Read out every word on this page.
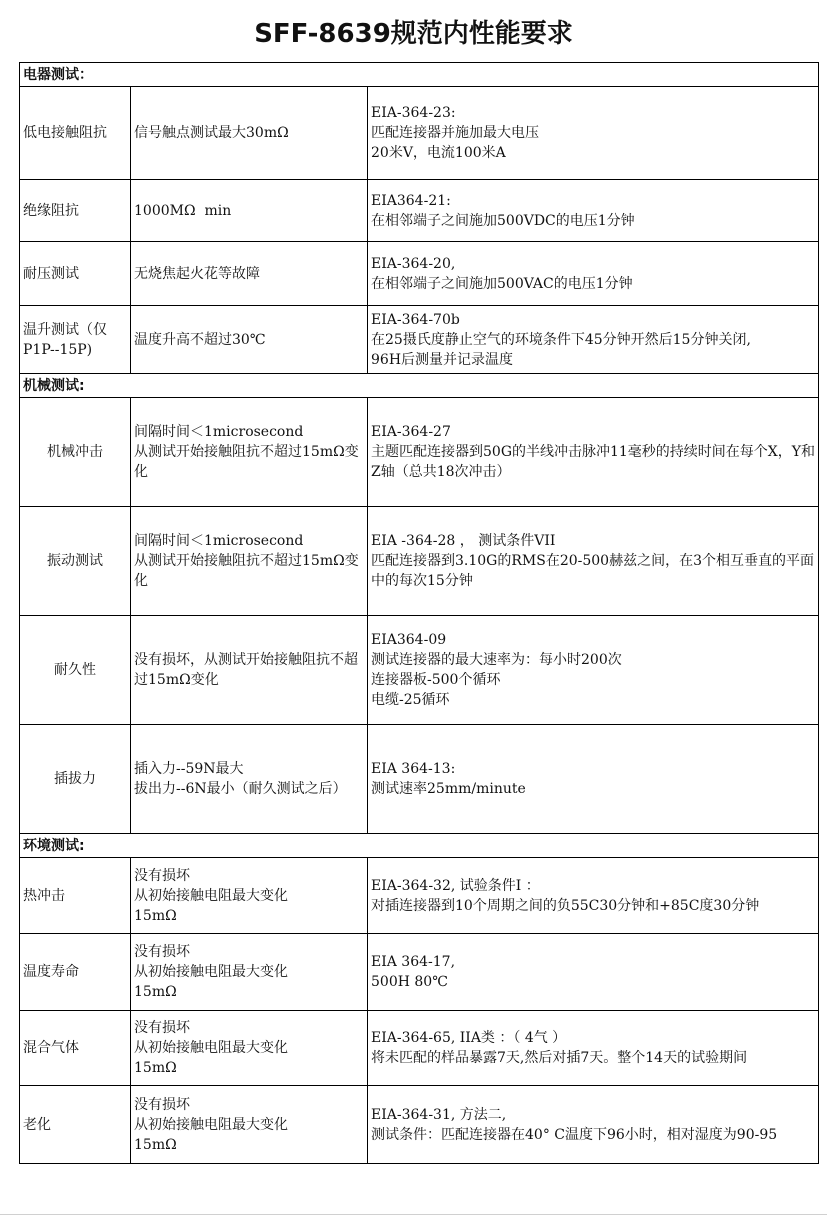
SFF-8639规范内性能要求
电器测试：		
低电接触阻抗	信号触点测试最大30mΩ	EIA-364-23:
匹配连接器并施加最大电压
20米V，电流100米A

绝缘阻抗	1000MΩ  min	EIA364-21:
在相邻端子之间施加500VDC的电压1分钟

耐压测试	无烧焦起火花等故障	EIA-364-20,
在相邻端子之间施加500VAC的电压1分钟

温升测试（仅P1P--15P)	温度升高不超过30℃	EIA-364-70b
在25摄氏度静止空气的环境条件下45分钟开然后15分钟关闭,
96H后测量并记录温度

机械测试:		
机械冲击	间隔时间＜1microsecond
从测试开始接触阻抗不超过15mΩ变化	EIA-364-27
主题匹配连接器到50G的半线冲击脉冲11毫秒的持续时间在每个X，Y和Z轴（总共18次冲击）

振动测试	间隔时间＜1microsecond
从测试开始接触阻抗不超过15mΩ变化	EIA -364-28 ， 测试条件VII
匹配连接器到3.10G的RMS在20-500赫兹之间，在3个相互垂直的平面中的每次15分钟

耐久性	没有损坏，从测试开始接触阻抗不超过15mΩ变化	EIA364-09
测试连接器的最大速率为：每小时200次
连接器板-500个循环
电缆-25循环

插拔力	插入力--59N最大
拔出力--6N最小（耐久测试之后）	EIA 364-13:
测试速率25mm/minute

环境测试:		
热冲击	没有损坏
从初始接触电阻最大变化
15mΩ	EIA-364-32, 试验条件I ：
对插连接器到10个周期之间的负55C30分钟和+85C度30分钟

温度寿命	没有损坏
从初始接触电阻最大变化
15mΩ	EIA 364-17,
500H 80℃

混合气体	没有损坏
从初始接触电阻最大变化
15mΩ	EIA-364-65, IIA类 ：（ 4气 ）
将未匹配的样品暴露7天,然后对插7天。整个14天的试验期间

老化	没有损坏
从初始接触电阻最大变化
15mΩ	EIA-364-31, 方法二,
测试条件：匹配连接器在40° C温度下96小时，相对湿度为90-95
